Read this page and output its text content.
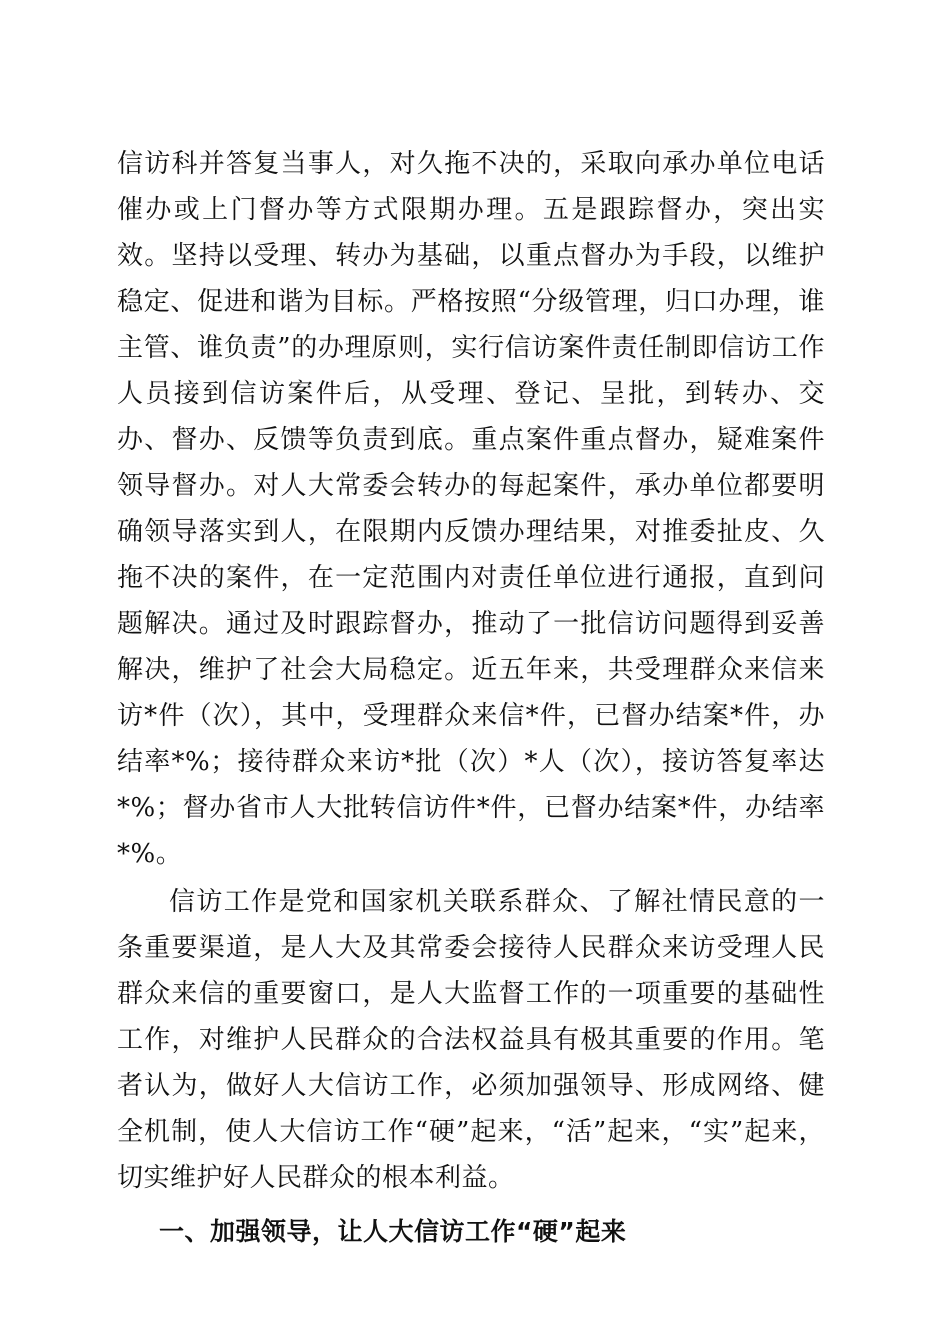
信访科并答复当事人，对久拖不决的，采取向承办单位电话催办或上门督办等方式限期办理。五是跟踪督办，突出实效。坚持以受理、转办为基础，以重点督办为手段，以维护稳定、促进和谐为目标。严格按照“分级管理，归口办理，谁主管、谁负责”的办理原则，实行信访案件责任制即信访工作人员接到信访案件后，从受理、登记、呈批，到转办、交办、督办、反馈等负责到底。重点案件重点督办，疑难案件领导督办。对人大常委会转办的每起案件，承办单位都要明确领导落实到人，在限期内反馈办理结果，对推委扯皮、久拖不决的案件，在一定范围内对责任单位进行通报，直到问题解决。通过及时跟踪督办，推动了一批信访问题得到妥善解决，维护了社会大局稳定。近五年来，共受理群众来信来访*件（次），其中，受理群众来信*件，已督办结案*件，办结率*%；接待群众来访*批（次）*人（次），接访答复率达*%；督办省市人大批转信访件*件，已督办结案*件，办结率*%。

信访工作是党和国家机关联系群众、了解社情民意的一条重要渠道，是人大及其常委会接待人民群众来访受理人民群众来信的重要窗口，是人大监督工作的一项重要的基础性工作，对维护人民群众的合法权益具有极其重要的作用。笔者认为，做好人大信访工作，必须加强领导、形成网络、健全机制，使人大信访工作“硬”起来，“活”起来，“实”起来，切实维护好人民群众的根本利益。

一、加强领导，让人大信访工作“硬”起来
